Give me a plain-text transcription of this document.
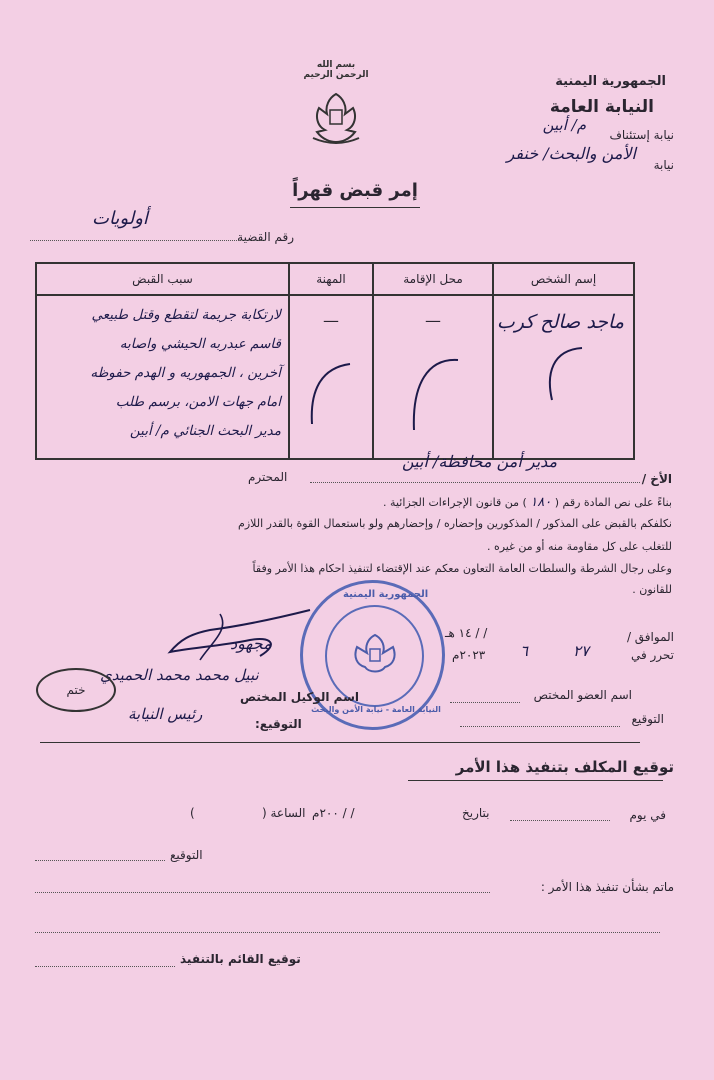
بسم الله الرحمن الرحيم	الجمهورية اليمنية
النيابة العامة
نيابة إستئناف
م/ أبين
نيابة
الأمن والبحث/ خنفر
إمر قبض قهراً
رقم القضية
أولويات
إسم الشخص	محل الإقامة	المهنة	سبب القبض

ماجد صالح كرب	—	—	لارتكابة جريمة لتقطع وقتل طبيعي
قاسم عبدربه الحيشي واصابه
آخرين ، الجمهوريه و الهدم حفوظه
امام جهات الامن، برسم طلب
مدير البحث الجنائي م/ أبين
الأخ /
مدير أمن محافظة/ أبين
المحترم
بناءً على نص المادة رقم ( ١٨٠ ) من قانون الإجراءات الجزائية .
نكلفكم بالقبض على المذكور / المذكورين وإحضاره / وإحضارهم ولو باستعمال القوة بالقدر اللازم
للتغلب على كل مقاومة منه أو من غيره .
وعلى رجال الشرطة والسلطات العامة التعاون معكم عند الإقتضاء لتنفيذ احكام هذا الأمر وفقاً
للقانون .
الموافق /
/ / ١٤ هـ
تحرر في
٢٧
٦
٢٠٢٣م
الجمهورية اليمنية
النيابة العامة - نيابة الأمن والبحث
اسم العضو المختص
اسم الوكيل المختص
التوقيع
التوقيع:
مجهود
نبيل محمد محمد الحميدي
رئيس النيابة
ختم
توقيع المكلف بتنفيذ هذا الأمر
في يوم
بتاريخ
/ / ٢٠٠م
الساعة (
)
التوقيع
ماتم بشأن تنفيذ هذا الأمر :
توقيع القائم بالتنفيذ
